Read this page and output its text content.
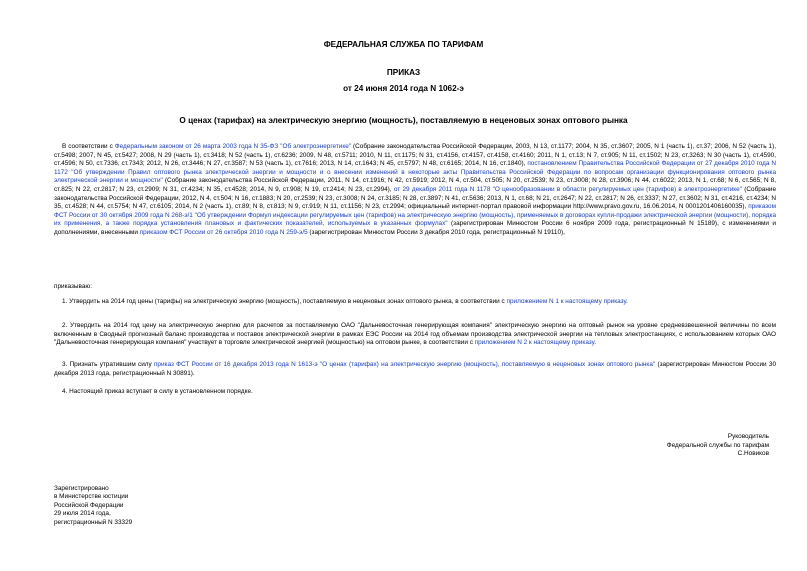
ФЕДЕРАЛЬНАЯ СЛУЖБА ПО ТАРИФАМ
ПРИКАЗ
от 24 июня 2014 года N 1062-э
О ценах (тарифах) на электрическую энергию (мощность), поставляемую в неценовых зонах оптового рынка
В соответствии с Федеральным законом от 26 марта 2003 года N 35-ФЗ "Об электроэнергетике" (Собрание законодательства Российской Федерации, 2003, N 13, ст.1177; 2004, N 35, ст.3607; 2005, N 1 (часть 1), ст.37; 2006, N 52 (часть 1), ст.5498; 2007, N 45, ст.5427; 2008, N 29 (часть 1), ст.3418; N 52 (часть 1), ст.6236; 2009, N 48, ст.5711; 2010, N 11, ст.1175; N 31, ст.4156, ст.4157, ст.4158, ст.4160; 2011, N 1, ст.13; N 7, ст.905; N 11, ст.1502; N 23, ст.3263; N 30 (часть 1), ст.4590, ст.4596; N 50, ст.7336, ст.7343; 2012, N 26, ст.3446; N 27, ст.3587; N 53 (часть 1), ст.7616; 2013, N 14, ст.1643; N 45, ст.5797; N 48, ст.6165; 2014, N 16, ст.1840), постановлением Правительства Российской Федерации от 27 декабря 2010 года N 1172 "Об утверждении Правил оптового рынка электрической энергии и мощности и о внесении изменений в некоторые акты Правительства Российской Федерации по вопросам организации функционирования оптового рынка электрической энергии и мощности" (Собрание законодательства Российской Федерации, 2011, N 14, ст.1916; N 42, ст.5919; 2012, N 4, ст.504, ст.505; N 20, ст.2539; N 23, ст.3008; N 28, ст.3906; N 44, ст.6022; 2013, N 1, ст.68; N 6, ст.565; N 8, ст.825; N 22, ст.2817; N 23, ст.2909; N 31, ст.4234; N 35, ст.4528; 2014, N 9, ст.908; N 19, ст.2414; N 23, ст.2994), от 29 декабря 2011 года N 1178 "О ценообразовании в области регулируемых цен (тарифов) в электроэнергетике" (Собрание законодательства Российской Федерации, 2012, N 4, ст.504; N 16, ст.1883; N 20, ст.2539; N 23, ст.3008; N 24, ст.3185; N 28, ст.3897; N 41, ст.5636; 2013, N 1, ст.68; N 21, ст.2647; N 22, ст.2817; N 26, ст.3337; N 27, ст.3602; N 31, ст.4216, ст.4234; N 35, ст.4528; N 44, ст.5754; N 47, ст.6105; 2014, N 2 (часть 1), ст.89; N 8, ст.813; N 9, ст.919; N 11, ст.1156; N 23, ст.2994; официальный интернет-портал правовой информации http://www.pravo.gov.ru, 16.06.2014, N 0001201406160035), приказом ФСТ России от 30 октября 2009 года N 268-э/1 "Об утверждении Формул индексации регулируемых цен (тарифов) на электрическую энергию (мощность), применяемых в договорах купли-продажи электрической энергии (мощности), порядка их применения, а также порядка установления плановых и фактических показателей, используемых в указанных формулах" (зарегистрирован Минюстом России 6 ноября 2009 года, регистрационный N 15189), с изменениями и дополнениями, внесенными приказом ФСТ России от 26 октября 2010 года N 259-э/5 (зарегистрирован Минюстом России 3 декабря 2010 года, регистрационный N 19110),
приказываю:
1. Утвердить на 2014 год цены (тарифы) на электрическую энергию (мощность), поставляемую в неценовых зонах оптового рынка, в соответствии с приложением N 1 к настоящему приказу.
2. Утвердить на 2014 год цену на электрическую энергию для расчетов за поставляемую ОАО "Дальневосточная генерирующая компания" электрическую энергию на оптовый рынок на уровне средневзвешенной величины по всем включенным в Сводный прогнозный баланс производства и поставок электрической энергии в рамках ЕЭС России на 2014 год объемам производства электрической энергии на тепловых электростанциях, с использованием которых ОАО "Дальневосточная генерирующая компания" участвует в торговле электрической энергией (мощностью) на оптовом рынке, в соответствии с приложением N 2 к настоящему приказу.
3. Признать утратившим силу приказ ФСТ России от 16 декабря 2013 года N 1613-э "О ценах (тарифах) на электрическую энергию (мощность), поставляемую в неценовых зонах оптового рынка" (зарегистрирован Минюстом России 30 декабря 2013 года, регистрационный N 30891).
4. Настоящий приказ вступает в силу в установленном порядке.
Руководитель
Федеральной службы по тарифам
С.Новиков
Зарегистрировано
в Министерстве юстиции
Российской Федерации
29 июля 2014 года,
регистрационный N 33329
